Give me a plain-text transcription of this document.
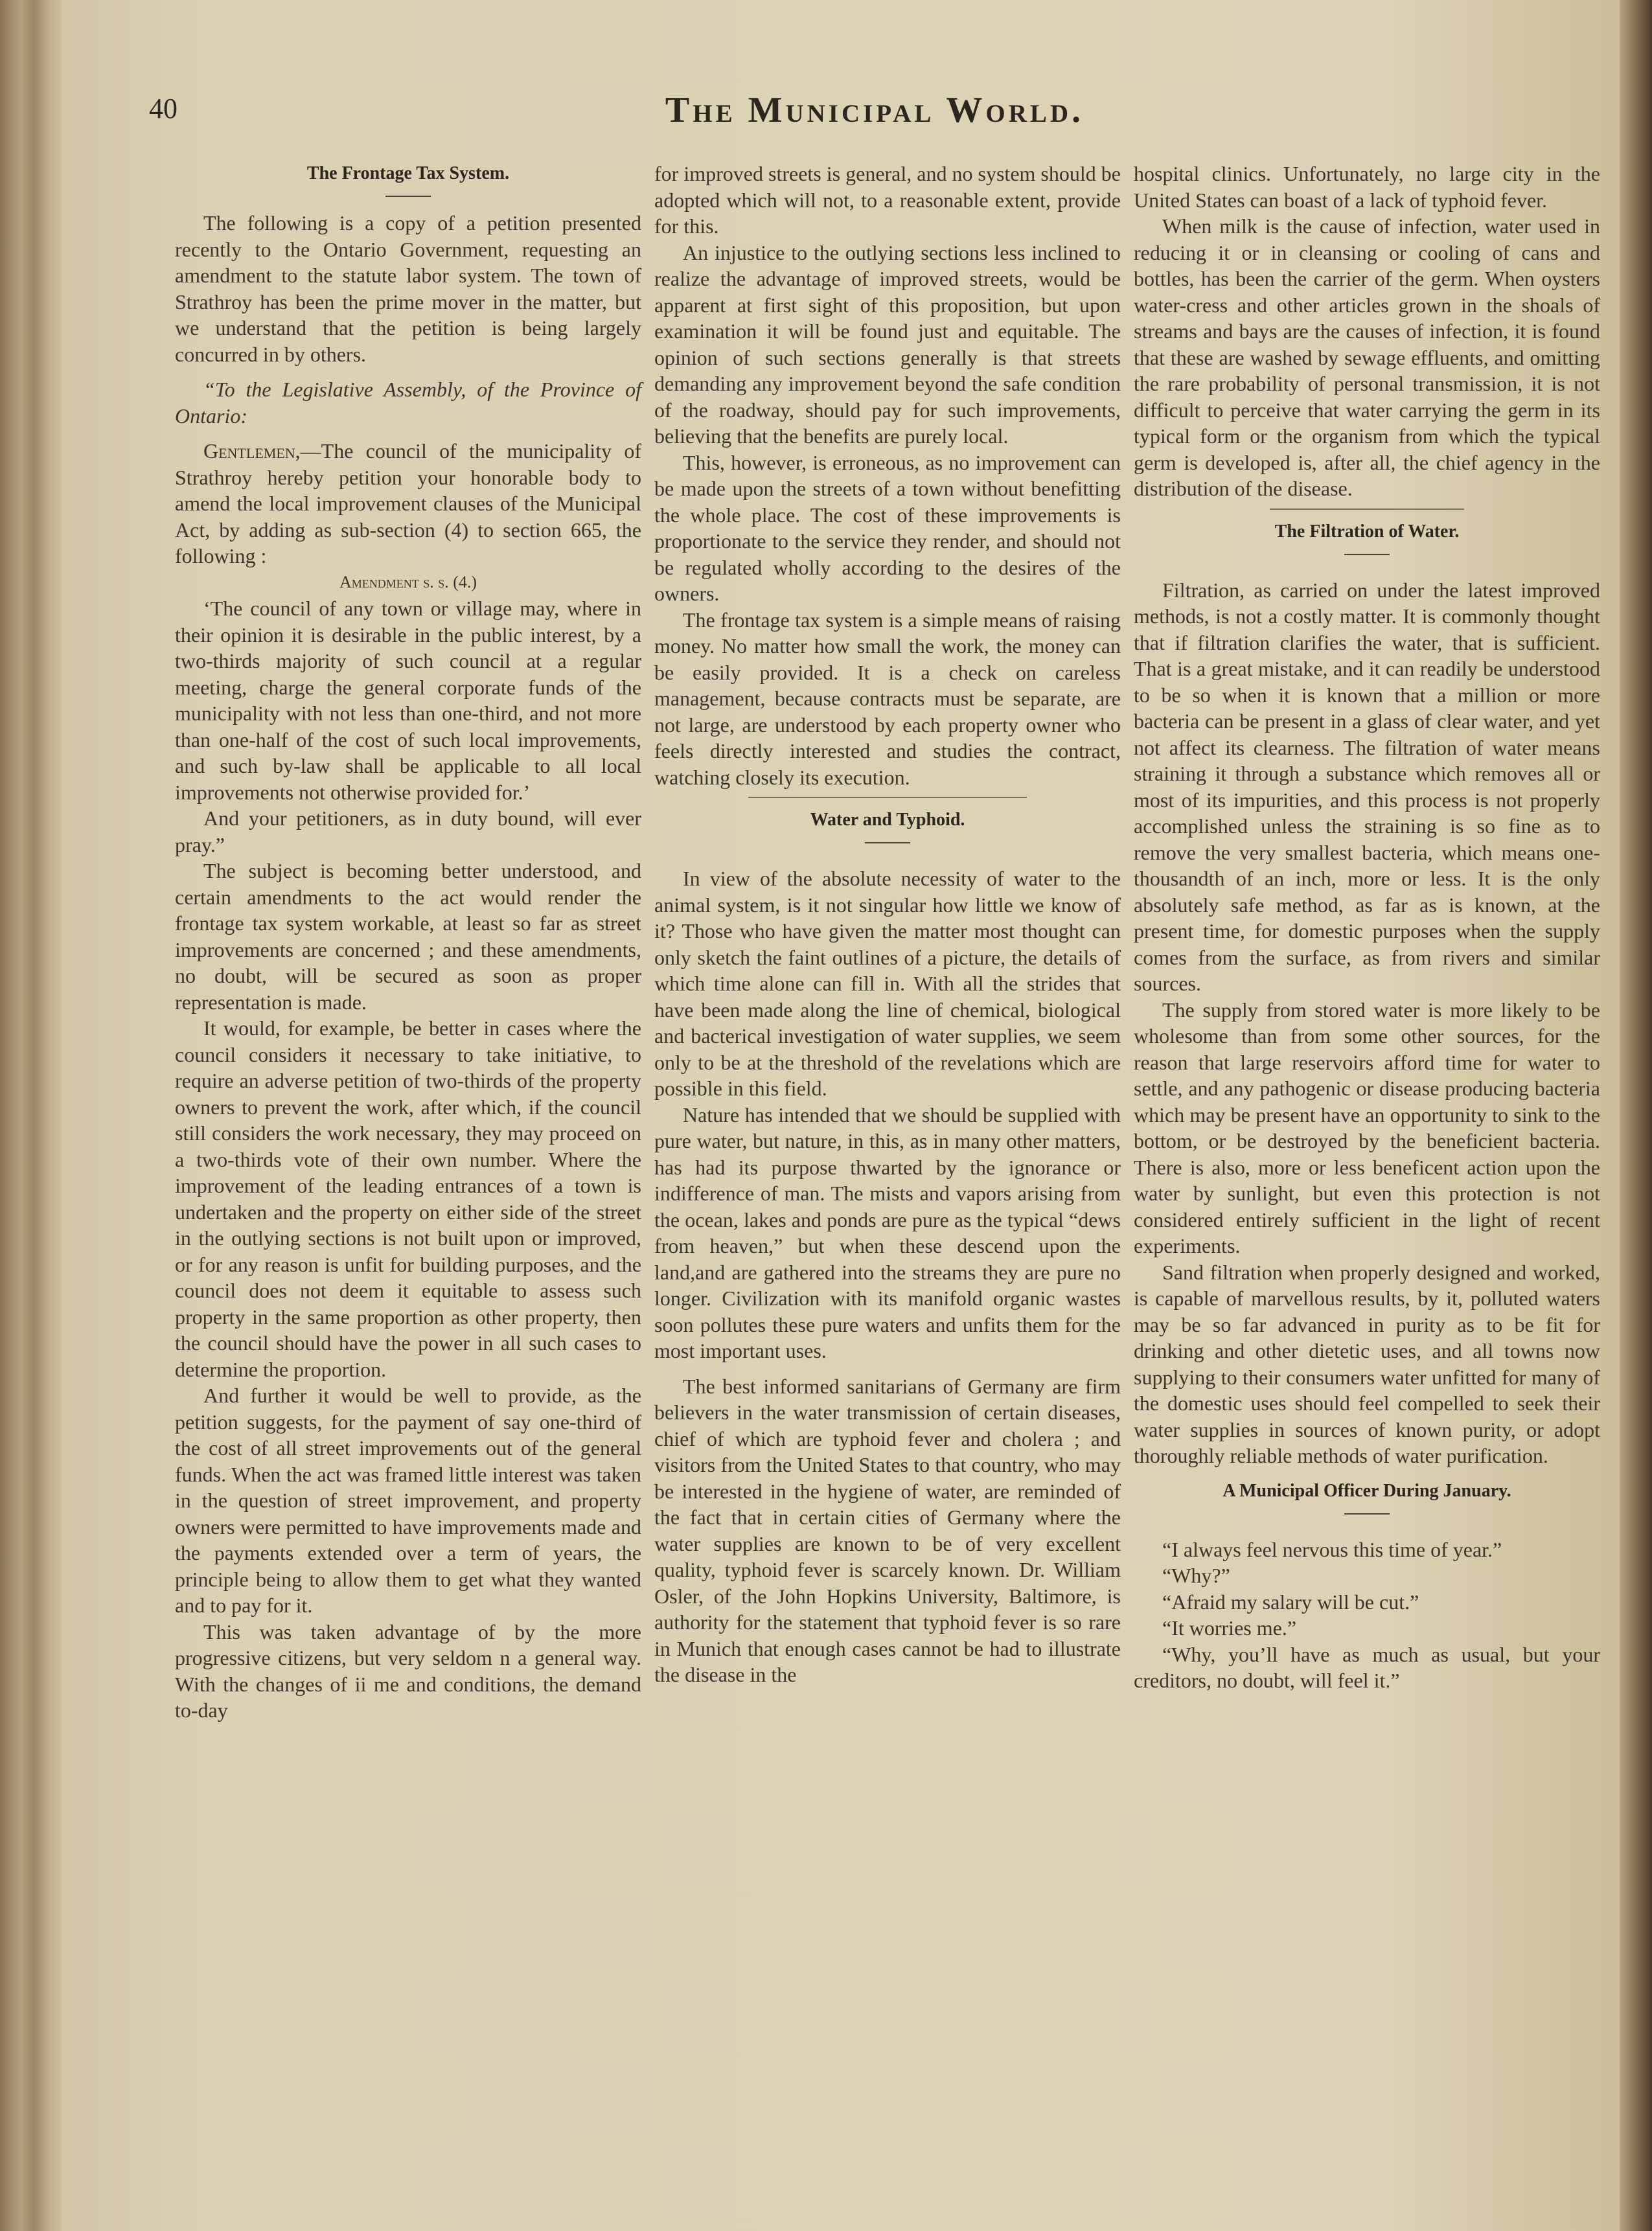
40	The Municipal World.
The Frontage Tax System.

The following is a copy of a petition presented recently to the Ontario Government, requesting an amendment to the statute labor system. The town of Strathroy has been the prime mover in the matter, but we understand that the petition is being largely concurred in by others.

“To the Legislative Assembly, of the Province of Ontario:

Gentlemen,—The council of the municipality of Strathroy hereby petition your honorable body to amend the local improvement clauses of the Municipal Act, by adding as sub-section (4) to section 665, the following :

Amendment s. s. (4.)

‘The council of any town or village may, where in their opinion it is desirable in the public interest, by a two-thirds majority of such council at a regular meeting, charge the general corporate funds of the municipality with not less than one-third, and not more than one-half of the cost of such local improvements, and such by-law shall be applicable to all local improvements not otherwise provided for.’

And your petitioners, as in duty bound, will ever pray.”

The subject is becoming better understood, and certain amendments to the act would render the frontage tax system workable, at least so far as street improvements are concerned ; and these amendments, no doubt, will be secured as soon as proper representation is made.

It would, for example, be better in cases where the council considers it necessary to take initiative, to require an adverse petition of two-thirds of the property owners to prevent the work, after which, if the council still considers the work necessary, they may proceed on a two-thirds vote of their own number. Where the improvement of the leading entrances of a town is undertaken and the property on either side of the street in the outlying sections is not built upon or improved, or for any reason is unfit for building purposes, and the council does not deem it equitable to assess such property in the same proportion as other property, then the council should have the power in all such cases to determine the proportion.

And further it would be well to provide, as the petition suggests, for the payment of say one-third of the cost of all street improvements out of the general funds. When the act was framed little interest was taken in the question of street improvement, and property owners were permitted to have improvements made and the payments extended over a term of years, the principle being to allow them to get what they wanted and to pay for it.

This was taken advantage of by the more progressive citizens, but very seldom n a general way. With the changes of ii me and conditions, the demand to-day

for improved streets is general, and no system should be adopted which will not, to a reasonable extent, provide for this.

An injustice to the outlying sections less inclined to realize the advantage of improved streets, would be apparent at first sight of this proposition, but upon examination it will be found just and equitable. The opinion of such sections generally is that streets demanding any improvement beyond the safe condition of the roadway, should pay for such improvements, believing that the benefits are purely local.

This, however, is erroneous, as no improvement can be made upon the streets of a town without benefitting the whole place. The cost of these improvements is proportionate to the service they render, and should not be regulated wholly according to the desires of the owners.

The frontage tax system is a simple means of raising money. No matter how small the work, the money can be easily provided. It is a check on careless management, because contracts must be separate, are not large, are understood by each property owner who feels directly interested and studies the contract, watching closely its execution.

Water and Typhoid.

In view of the absolute necessity of water to the animal system, is it not singular how little we know of it? Those who have given the matter most thought can only sketch the faint outlines of a picture, the details of which time alone can fill in. With all the strides that have been made along the line of chemical, biological and bacterical investigation of water supplies, we seem only to be at the threshold of the revelations which are possible in this field.

Nature has intended that we should be supplied with pure water, but nature, in this, as in many other matters, has had its purpose thwarted by the ignorance or indifference of man. The mists and vapors arising from the ocean, lakes and ponds are pure as the typical “dews from heaven,” but when these descend upon the land,and are gathered into the streams they are pure no longer. Civilization with its manifold organic wastes soon pollutes these pure waters and unfits them for the most important uses.

The best informed sanitarians of Germany are firm believers in the water transmission of certain diseases, chief of which are typhoid fever and cholera ; and visitors from the United States to that country, who may be interested in the hygiene of water, are reminded of the fact that in certain cities of Germany where the water supplies are known to be of very excellent quality, typhoid fever is scarcely known. Dr. William Osler, of the John Hopkins University, Baltimore, is authority for the statement that typhoid fever is so rare in Munich that enough cases cannot be had to illustrate the disease in the

hospital clinics. Unfortunately, no large city in the United States can boast of a lack of typhoid fever.

When milk is the cause of infection, water used in reducing it or in cleansing or cooling of cans and bottles, has been the carrier of the germ. When oysters water-cress and other articles grown in the shoals of streams and bays are the causes of infection, it is found that these are washed by sewage effluents, and omitting the rare probability of personal transmission, it is not difficult to perceive that water carrying the germ in its typical form or the organism from which the typical germ is developed is, after all, the chief agency in the distribution of the disease.

The Filtration of Water.

Filtration, as carried on under the latest improved methods, is not a costly matter. It is commonly thought that if filtration clarifies the water, that is sufficient. That is a great mistake, and it can readily be understood to be so when it is known that a million or more bacteria can be present in a glass of clear water, and yet not affect its clearness. The filtration of water means straining it through a substance which removes all or most of its impurities, and this process is not properly accomplished unless the straining is so fine as to remove the very smallest bacteria, which means one-thousandth of an inch, more or less. It is the only absolutely safe method, as far as is known, at the present time, for domestic purposes when the supply comes from the surface, as from rivers and similar sources.

The supply from stored water is more likely to be wholesome than from some other sources, for the reason that large reservoirs afford time for water to settle, and any pathogenic or disease producing bacteria which may be present have an opportunity to sink to the bottom, or be destroyed by the beneficient bacteria. There is also, more or less beneficent action upon the water by sunlight, but even this protection is not considered entirely sufficient in the light of recent experiments.

Sand filtration when properly designed and worked, is capable of marvellous results, by it, polluted waters may be so far advanced in purity as to be fit for drinking and other dietetic uses, and all towns now supplying to their consumers water unfitted for many of the domestic uses should feel compelled to seek their water supplies in sources of known purity, or adopt thoroughly reliable methods of water purification.

A Municipal Officer During January.

“I always feel nervous this time of year.”

“Why?”

“Afraid my salary will be cut.”

“It worries me.”

“Why, you’ll have as much as usual, but your creditors, no doubt, will feel it.”
